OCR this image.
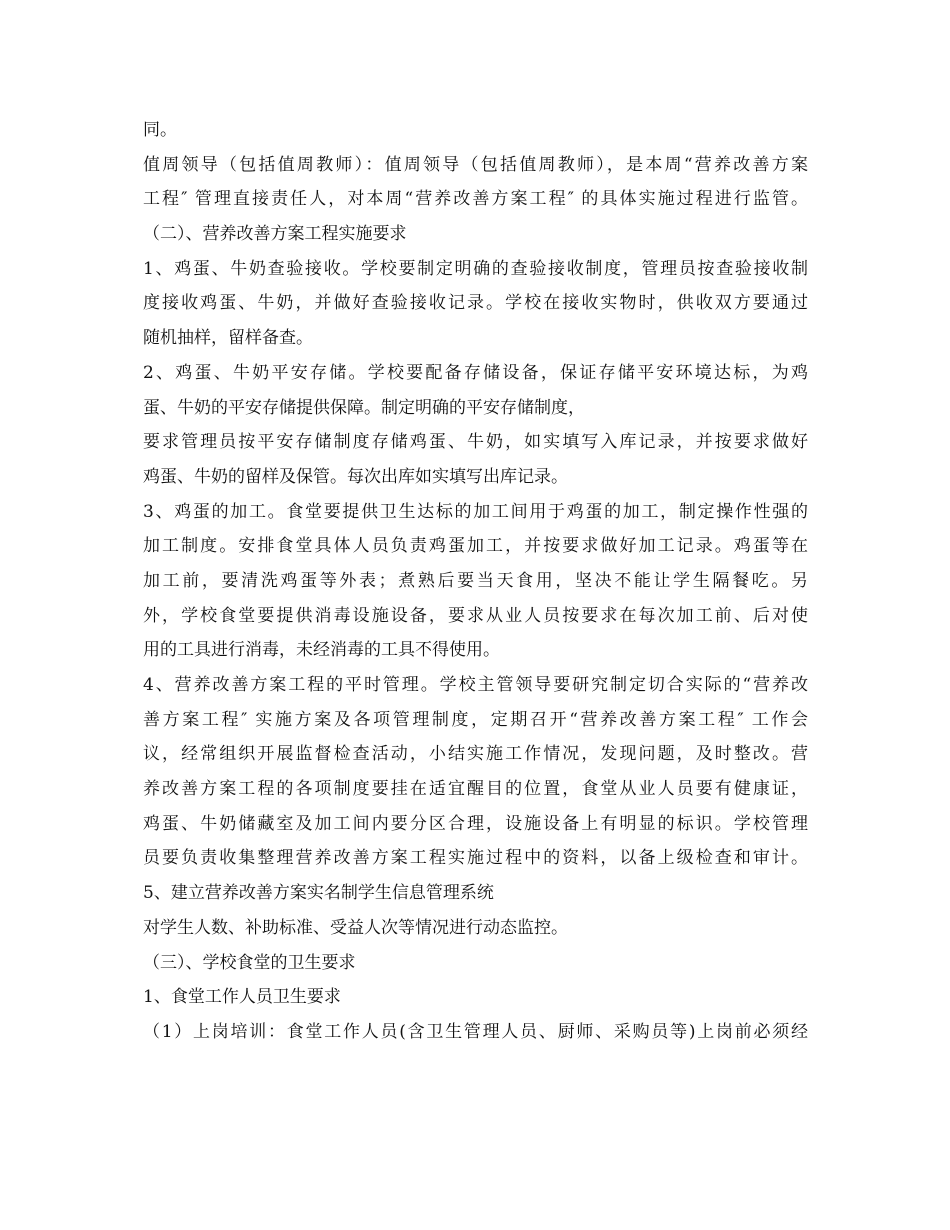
同。
值周领导（包括值周教师）：值周领导（包括值周教师），是本周“营养改善方案
工程″ 管理直接责任人，对本周“营养改善方案工程″ 的具体实施过程进行监管。
（二）、营养改善方案工程实施要求
1、鸡蛋、牛奶查验接收。学校要制定明确的查验接收制度，管理员按查验接收制
度接收鸡蛋、牛奶，并做好查验接收记录。学校在接收实物时，供收双方要通过
随机抽样，留样备查。
2、鸡蛋、牛奶平安存储。学校要配备存储设备，保证存储平安环境达标，为鸡
蛋、牛奶的平安存储提供保障。制定明确的平安存储制度，
要求管理员按平安存储制度存储鸡蛋、牛奶，如实填写入库记录，并按要求做好
鸡蛋、牛奶的留样及保管。每次出库如实填写出库记录。
3、鸡蛋的加工。食堂要提供卫生达标的加工间用于鸡蛋的加工，制定操作性强的
加工制度。安排食堂具体人员负责鸡蛋加工，并按要求做好加工记录。鸡蛋等在
加工前，要清洗鸡蛋等外表；煮熟后要当天食用，坚决不能让学生隔餐吃。另
外，学校食堂要提供消毒设施设备，要求从业人员按要求在每次加工前、后对使
用的工具进行消毒，未经消毒的工具不得使用。
4、营养改善方案工程的平时管理。学校主管领导要研究制定切合实际的“营养改
善方案工程″ 实施方案及各项管理制度，定期召开“营养改善方案工程″ 工作会
议，经常组织开展监督检查活动，小结实施工作情况，发现问题，及时整改。营
养改善方案工程的各项制度要挂在适宜醒目的位置，食堂从业人员要有健康证，
鸡蛋、牛奶储藏室及加工间内要分区合理，设施设备上有明显的标识。学校管理
员要负责收集整理营养改善方案工程实施过程中的资料，以备上级检查和审计。
5、建立营养改善方案实名制学生信息管理系统
对学生人数、补助标准、受益人次等情况进行动态监控。
（三）、学校食堂的卫生要求
1、食堂工作人员卫生要求
（1）上岗培训：食堂工作人员(含卫生管理人员、厨师、采购员等)上岗前必须经
